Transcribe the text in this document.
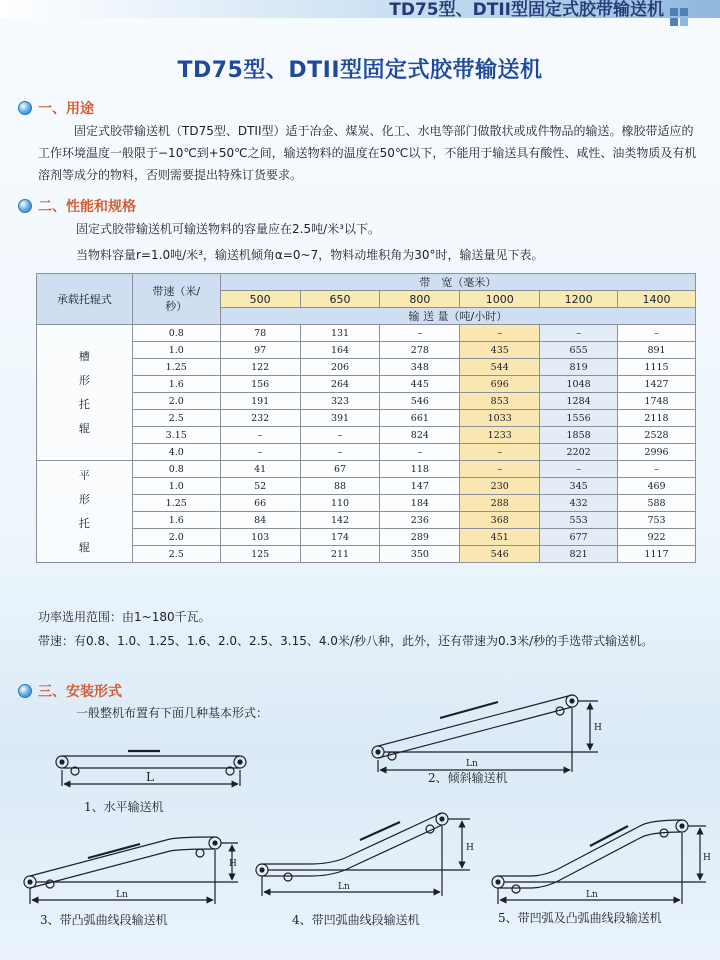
TD75型、DTII型固定式胶带输送机
TD75型、DTII型固定式胶带输送机
一、用途
固定式胶带输送机（TD75型、DTII型）适于冶金、煤炭、化工、水电等部门做散状或成件物品的输送。橡胶带适应的工作环境温度一般限于−10℃到+50℃之间，输送物料的温度在50℃以下，不能用于输送具有酸性、咸性、油类物质及有机溶剂等成分的物料，否则需要提出特殊订货要求。
二、性能和规格
固定式胶带输送机可输送物料的容量应在2.5吨/米³以下。
当物料容量r=1.0吨/米³，输送机倾角α=0~7，物料动堆积角为30°时，输送量见下表。
承载托辊式	带速（米/秒）	带　宽（毫米）					
		500	650	800	1000	1200	1400
		输 送 量（吨/小时）					
槽形托辊	0.8	78	131	–	–	–	–
	1.0	97	164	278	435	655	891
	1.25	122	206	348	544	819	1115
	1.6	156	264	445	696	1048	1427
	2.0	191	323	546	853	1284	1748
	2.5	232	391	661	1033	1556	2118
	3.15	–	–	824	1233	1858	2528
	4.0	–	–	–	–	2202	2996
平形托辊	0.8	41	67	118	–	–	–
	1.0	52	88	147	230	345	469
	1.25	66	110	184	288	432	588
	1.6	84	142	236	368	553	753
	2.0	103	174	289	451	677	922
	2.5	125	211	350	546	821	1117
功率选用范围：由1~180千瓦。
带速：有0.8、1.0、1.25、1.6、2.0、2.5、3.15、4.0米/秒八种，此外，还有带速为0.3米/秒的手选带式输送机。
三、安装形式
一般整机布置有下面几种基本形式：
L
1、水平输送机
Ln
H
2、倾斜输送机
Ln
H
3、带凸弧曲线段输送机
Ln
H
4、带凹弧曲线段输送机
Ln
H
5、带凹弧及凸弧曲线段输送机
